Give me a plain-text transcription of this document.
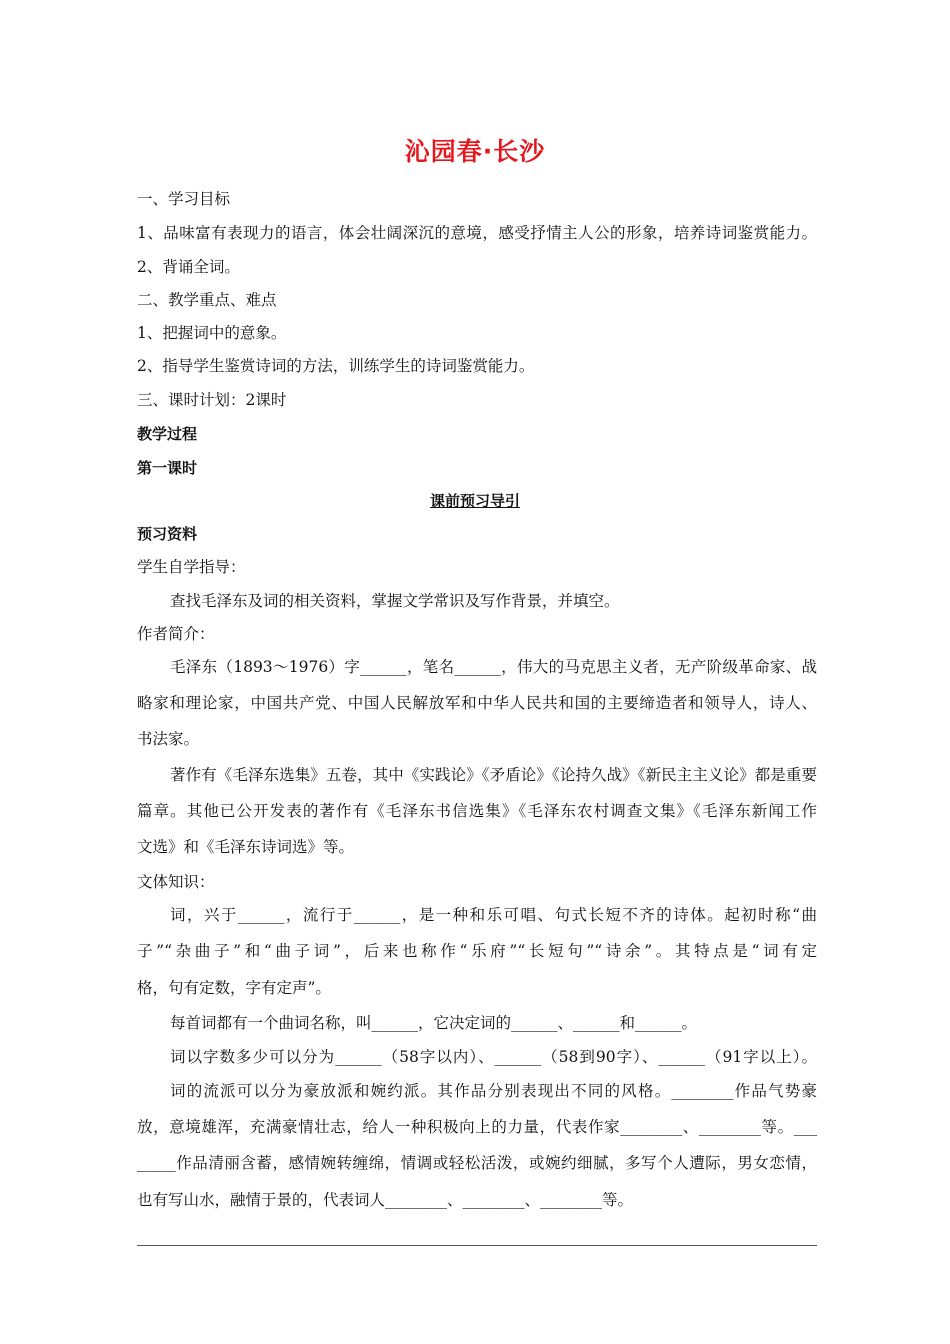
沁园春·长沙
一、学习目标
1、品味富有表现力的语言，体会壮阔深沉的意境，感受抒情主人公的形象，培养诗词鉴赏能力。
2、背诵全词。
二、教学重点、难点
1、把握词中的意象。
2、指导学生鉴赏诗词的方法，训练学生的诗词鉴赏能力。
三、课时计划：2课时
教学过程
第一课时
课前预习导引
预习资料
学生自学指导：
查找毛泽东及词的相关资料，掌握文学常识及写作背景，并填空。
作者简介：
毛泽东（1893～1976）字______，笔名______，伟大的马克思主义者，无产阶级革命家、战
略家和理论家，中国共产党、中国人民解放军和中华人民共和国的主要缔造者和领导人，诗人、
书法家。
著作有《毛泽东选集》五卷，其中《实践论》《矛盾论》《论持久战》《新民主主义论》都是重要
篇章。其他已公开发表的著作有《毛泽东书信选集》《毛泽东农村调查文集》《毛泽东新闻工作
文选》和《毛泽东诗词选》等。
文体知识：
词，兴于______，流行于______，是一种和乐可唱、句式长短不齐的诗体。起初时称“曲
子”“杂曲子”和“曲子词”，后来也称作“乐府”“长短句”“诗余”。其特点是“词有定
格，句有定数，字有定声”。
每首词都有一个曲词名称，叫______，它决定词的______、______和______。
词以字数多少可以分为______（58字以内）、______（58到90字）、______（91字以上）。
词的流派可以分为豪放派和婉约派。其作品分别表现出不同的风格。________作品气势豪
放，意境雄浑，充满豪情壮志，给人一种积极向上的力量，代表作家________、________等。___
_____作品清丽含蓄，感情婉转缠绵，情调或轻松活泼，或婉约细腻，多写个人遭际，男女恋情，
也有写山水，融情于景的，代表词人________、________、________等。
